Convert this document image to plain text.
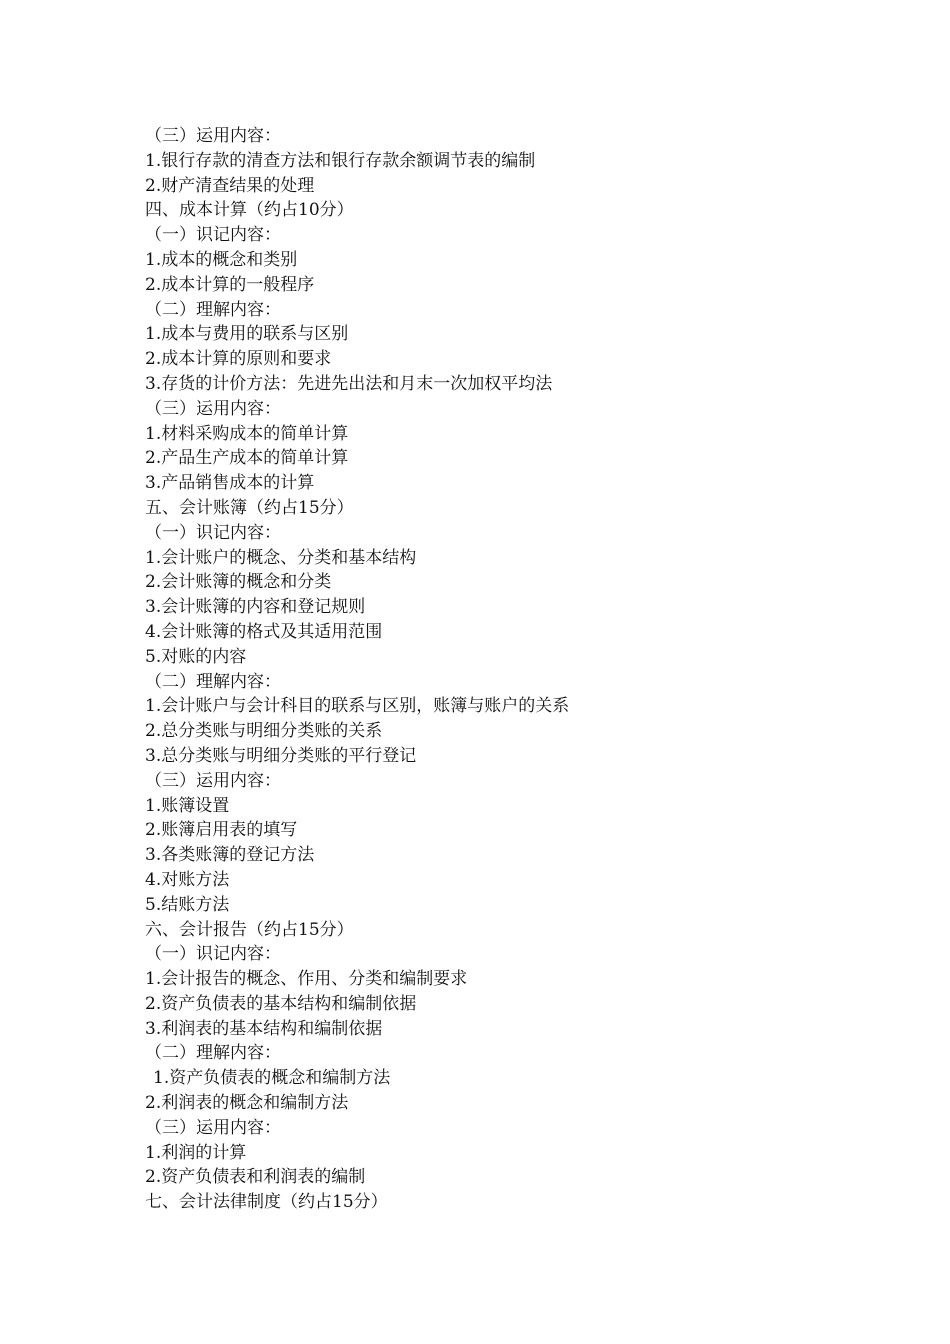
（三）运用内容：
1.银行存款的清查方法和银行存款余额调节表的编制
2.财产清查结果的处理
四、成本计算（约占10分）
（一）识记内容：
1.成本的概念和类别
2.成本计算的一般程序
（二）理解内容：
1.成本与费用的联系与区别
2.成本计算的原则和要求
3.存货的计价方法：先进先出法和月末一次加权平均法
（三）运用内容：
1.材料采购成本的简单计算
2.产品生产成本的简单计算
3.产品销售成本的计算
五、会计账簿（约占15分）
（一）识记内容：
1.会计账户的概念、分类和基本结构
2.会计账簿的概念和分类
3.会计账簿的内容和登记规则
4.会计账簿的格式及其适用范围
5.对账的内容
（二）理解内容：
1.会计账户与会计科目的联系与区别，账簿与账户的关系
2.总分类账与明细分类账的关系
3.总分类账与明细分类账的平行登记
（三）运用内容：
1.账簿设置
2.账簿启用表的填写
3.各类账簿的登记方法
4.对账方法
5.结账方法
六、会计报告（约占15分）
（一）识记内容：
1.会计报告的概念、作用、分类和编制要求
2.资产负债表的基本结构和编制依据
3.利润表的基本结构和编制依据
（二）理解内容：
1.资产负债表的概念和编制方法
2.利润表的概念和编制方法
（三）运用内容：
1.利润的计算
2.资产负债表和利润表的编制
七、会计法律制度（约占15分）
